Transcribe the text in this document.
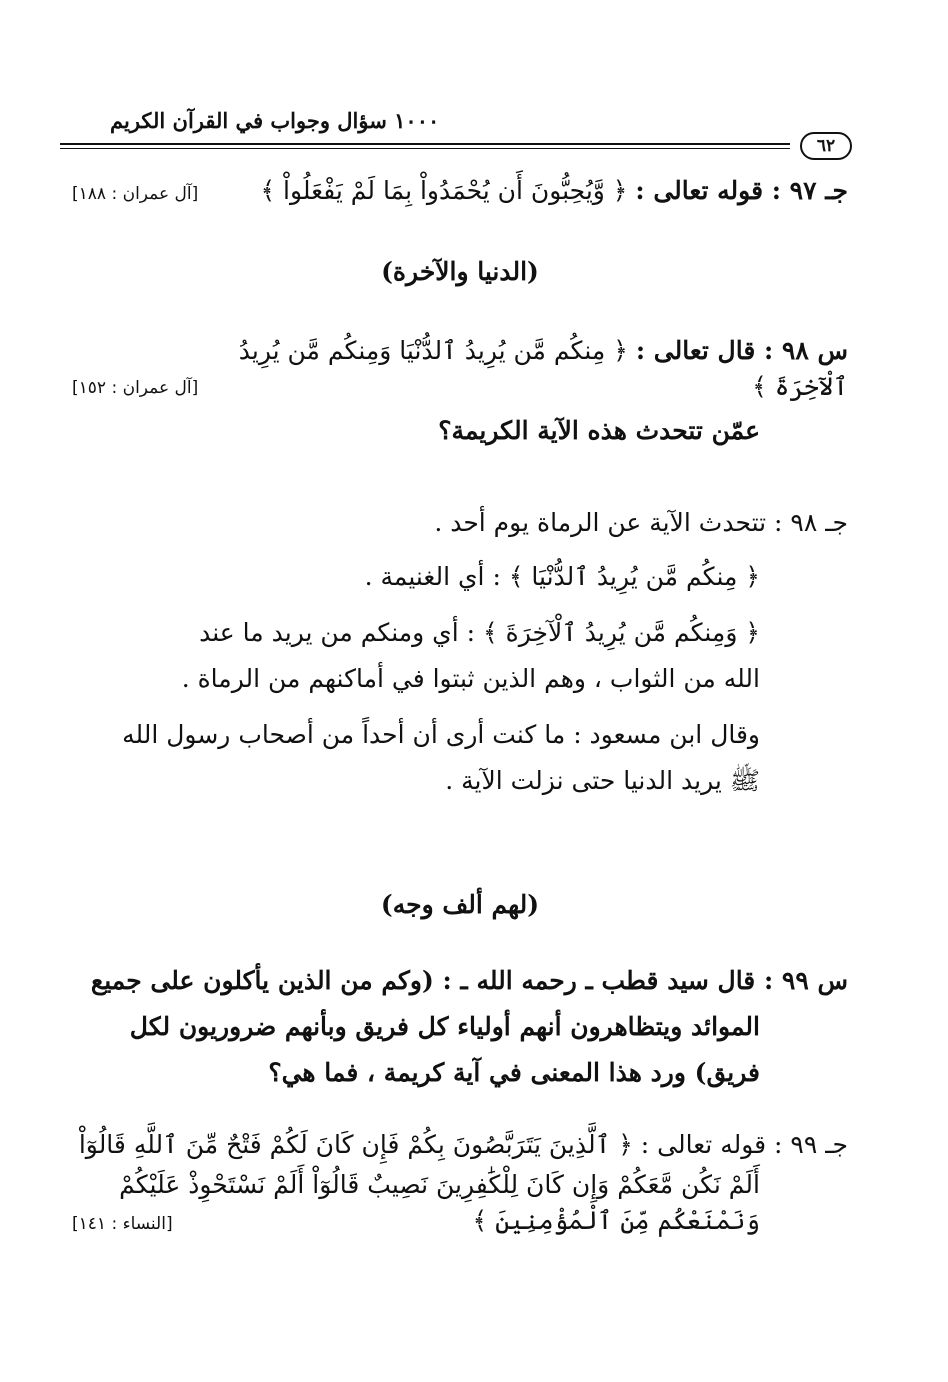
١٠٠٠ سؤال وجواب في القرآن الكريم
٦٢
جـ ٩٧ : قوله تعالى : ﴿ وَّيُحِبُّونَ أَن يُحْمَدُواْ بِمَا لَمْ يَفْعَلُواْ ﴾
[آل عمران : ١٨٨]
(الدنيا والآخرة)
س ٩٨ : قال تعالى : ﴿ مِنكُم مَّن يُرِيدُ ٱلدُّنْيَا وَمِنكُم مَّن يُرِيدُ
ٱلْآخِرَةَ ﴾
[آل عمران : ١٥٢]
عمّن تتحدث هذه الآية الكريمة؟
جـ ٩٨ : تتحدث الآية عن الرماة يوم أحد .
﴿ مِنكُم مَّن يُرِيدُ ٱلدُّنْيَا ﴾ : أي الغنيمة .
﴿ وَمِنكُم مَّن يُرِيدُ ٱلْآخِرَةَ ﴾ : أي ومنكم من يريد ما عند
الله من الثواب ، وهم الذين ثبتوا في أماكنهم من الرماة .
وقال ابن مسعود : ما كنت أرى أن أحداً من أصحاب رسول الله
ﷺ يريد الدنيا حتى نزلت الآية .
(لهم ألف وجه)
س ٩٩ : قال سيد قطب ـ رحمه الله ـ : (وكم من الذين يأكلون على جميع
الموائد ويتظاهرون أنهم أولياء كل فريق وبأنهم ضروريون لكل
فريق) ورد هذا المعنى في آية كريمة ، فما هي؟
جـ ٩٩ : قوله تعالى : ﴿ ٱلَّذِينَ يَتَرَبَّصُونَ بِكُمْ فَإِن كَانَ لَكُمْ فَتْحٌ مِّنَ ٱللَّهِ قَالُوٓاْ
أَلَمْ نَكُن مَّعَكُمْ وَإِن كَانَ لِلْكَٰفِرِينَ نَصِيبٌ قَالُوٓاْ أَلَمْ نَسْتَحْوِذْ عَلَيْكُمْ
وَنَمْنَعْكُم مِّنَ ٱلْمُؤْمِنِينَ ﴾
[النساء : ١٤١]
